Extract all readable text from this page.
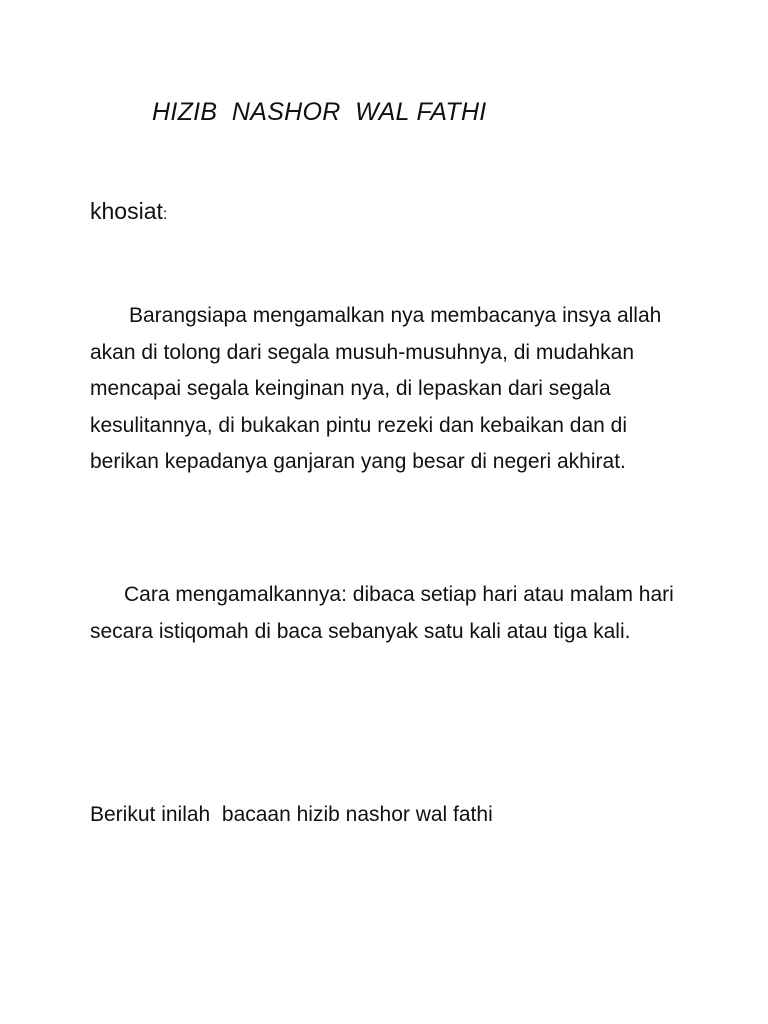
HIZIB  NASHOR  WAL FATHI

khosiat:

Barangsiapa mengamalkan nya membacanya insya allah akan di tolong dari segala musuh-musuhnya, di mudahkan mencapai segala keinginan nya, di lepaskan dari segala kesulitannya, di bukakan pintu rezeki dan kebaikan dan di berikan kepadanya ganjaran yang besar di negeri akhirat.

Cara mengamalkannya: dibaca setiap hari atau malam hari secara istiqomah di baca sebanyak satu kali atau tiga kali.

Berikut inilah  bacaan hizib nashor wal fathi
